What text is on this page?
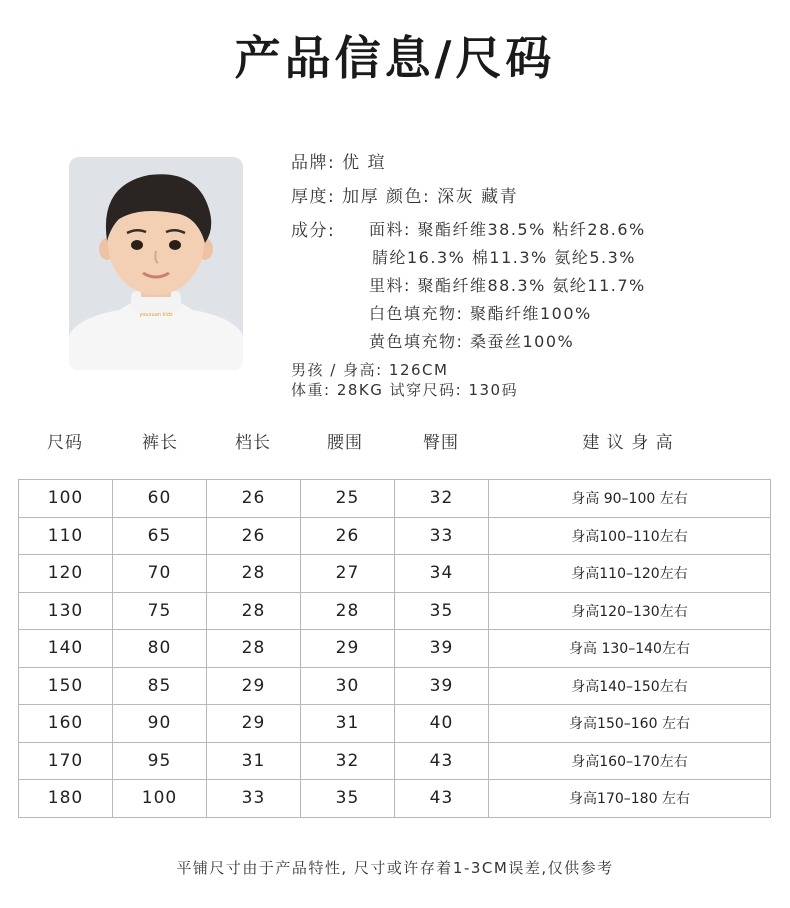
产品信息/尺码
youxuan kids
品牌: 优 瑄
厚度: 加厚 颜色: 深灰 藏青
成分: 面料: 聚酯纤维38.5% 粘纤28.6%
腈纶16.3% 棉11.3% 氨纶5.3%
里料: 聚酯纤维88.3% 氨纶11.7%
白色填充物: 聚酯纤维100%
黄色填充物: 桑蚕丝100%
男孩 / 身高: 126CM
体重: 28KG 试穿尺码: 130码
尺码	裤长	档长	腰围	臀围	建 议 身 高
100	60	26	25	32	身高 90–100 左右
110	65	26	26	33	身高100–110左右
120	70	28	27	34	身高110–120左右
130	75	28	28	35	身高120–130左右
140	80	28	29	39	身高 130–140左右
150	85	29	30	39	身高140–150左右
160	90	29	31	40	身高150–160 左右
170	95	31	32	43	身高160–170左右
180	100	33	35	43	身高170–180 左右
平铺尺寸由于产品特性, 尺寸或许存着1-3CM误差,仅供参考
